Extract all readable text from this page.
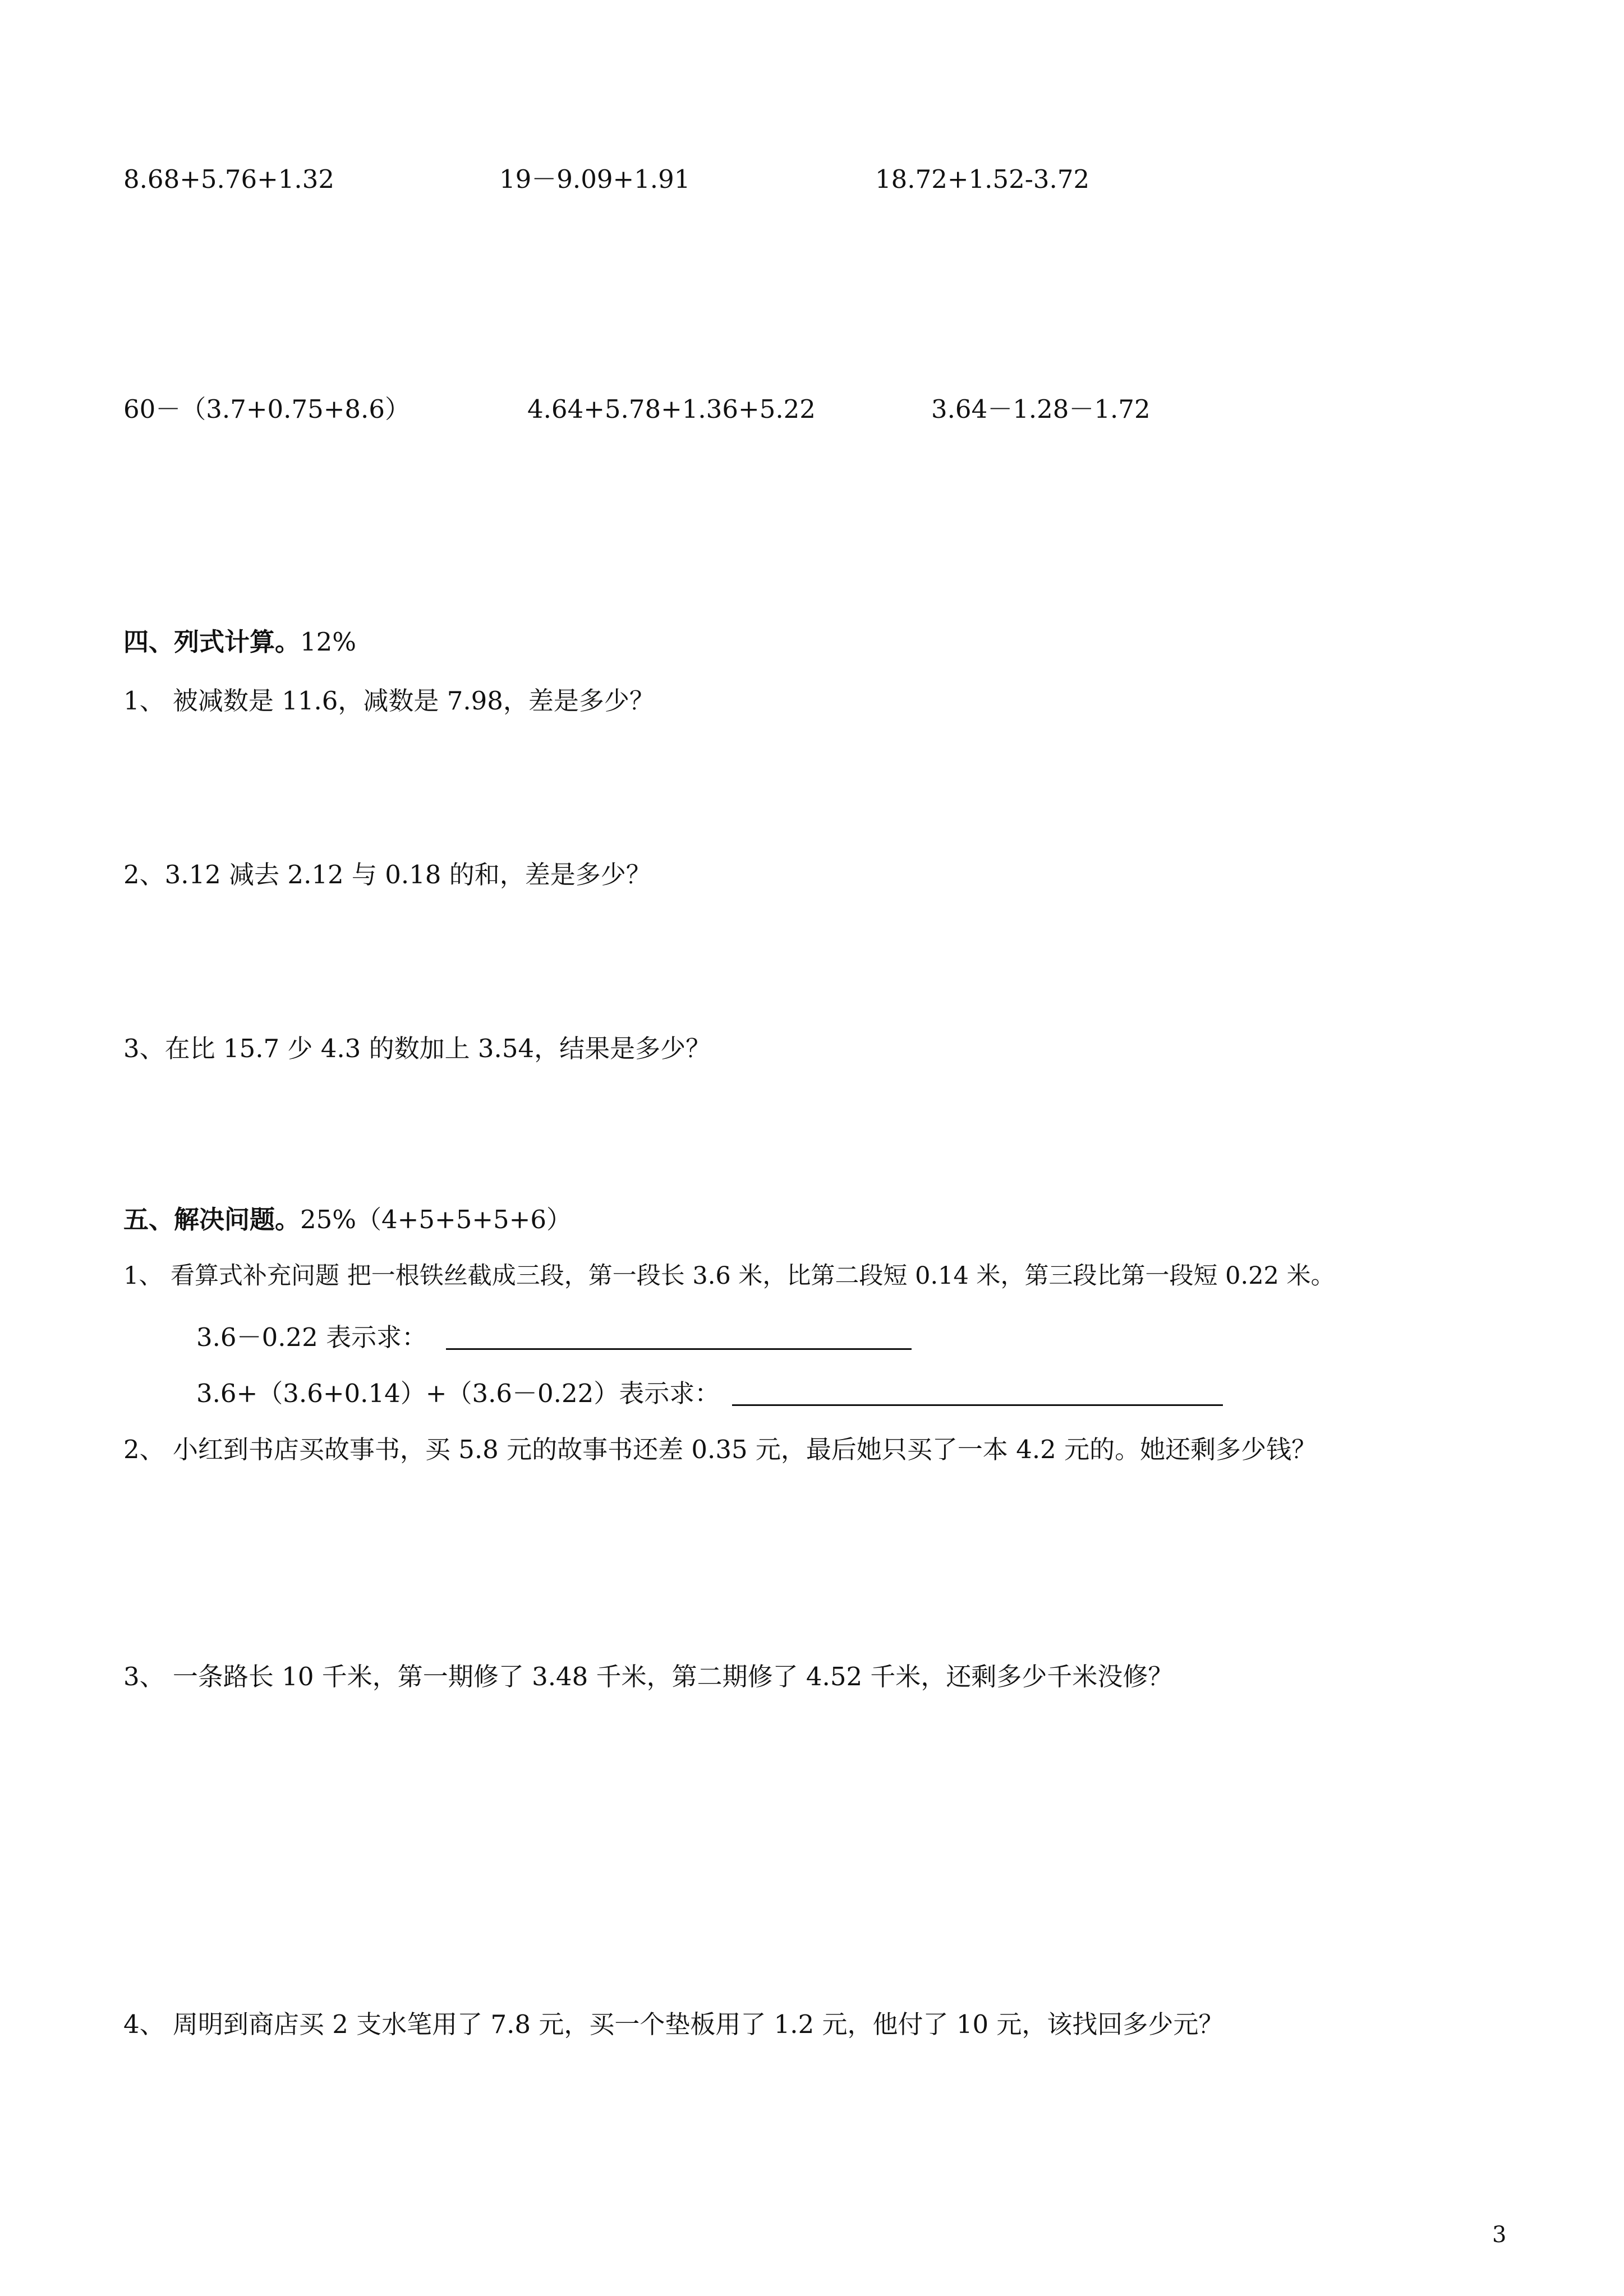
8.68+5.76+1.32	19－9.09+1.91	18.72+1.52-3.72
60－（3.7+0.75+8.6）	4.64+5.78+1.36+5.22	3.64－1.28－1.72
四、列式计算。12%
1、 被减数是 11.6，减数是 7.98，差是多少？
2、3.12 减去 2.12 与 0.18 的和，差是多少？
3、在比 15.7 少 4.3 的数加上 3.54，结果是多少？
五、解决问题。25%（4+5+5+5+6）
1、 看算式补充问题 把一根铁丝截成三段，第一段长 3.6 米，比第二段短 0.14 米，第三段比第一段短 0.22 米。
3.6－0.22 表示求：
3.6+（3.6+0.14）+（3.6－0.22）表示求：
2、 小红到书店买故事书，买 5.8 元的故事书还差 0.35 元，最后她只买了一本 4.2 元的。她还剩多少钱？
3、 一条路长 10 千米，第一期修了 3.48 千米，第二期修了 4.52 千米，还剩多少千米没修？
4、 周明到商店买 2 支水笔用了 7.8 元，买一个垫板用了 1.2 元，他付了 10 元，该找回多少元？
3
